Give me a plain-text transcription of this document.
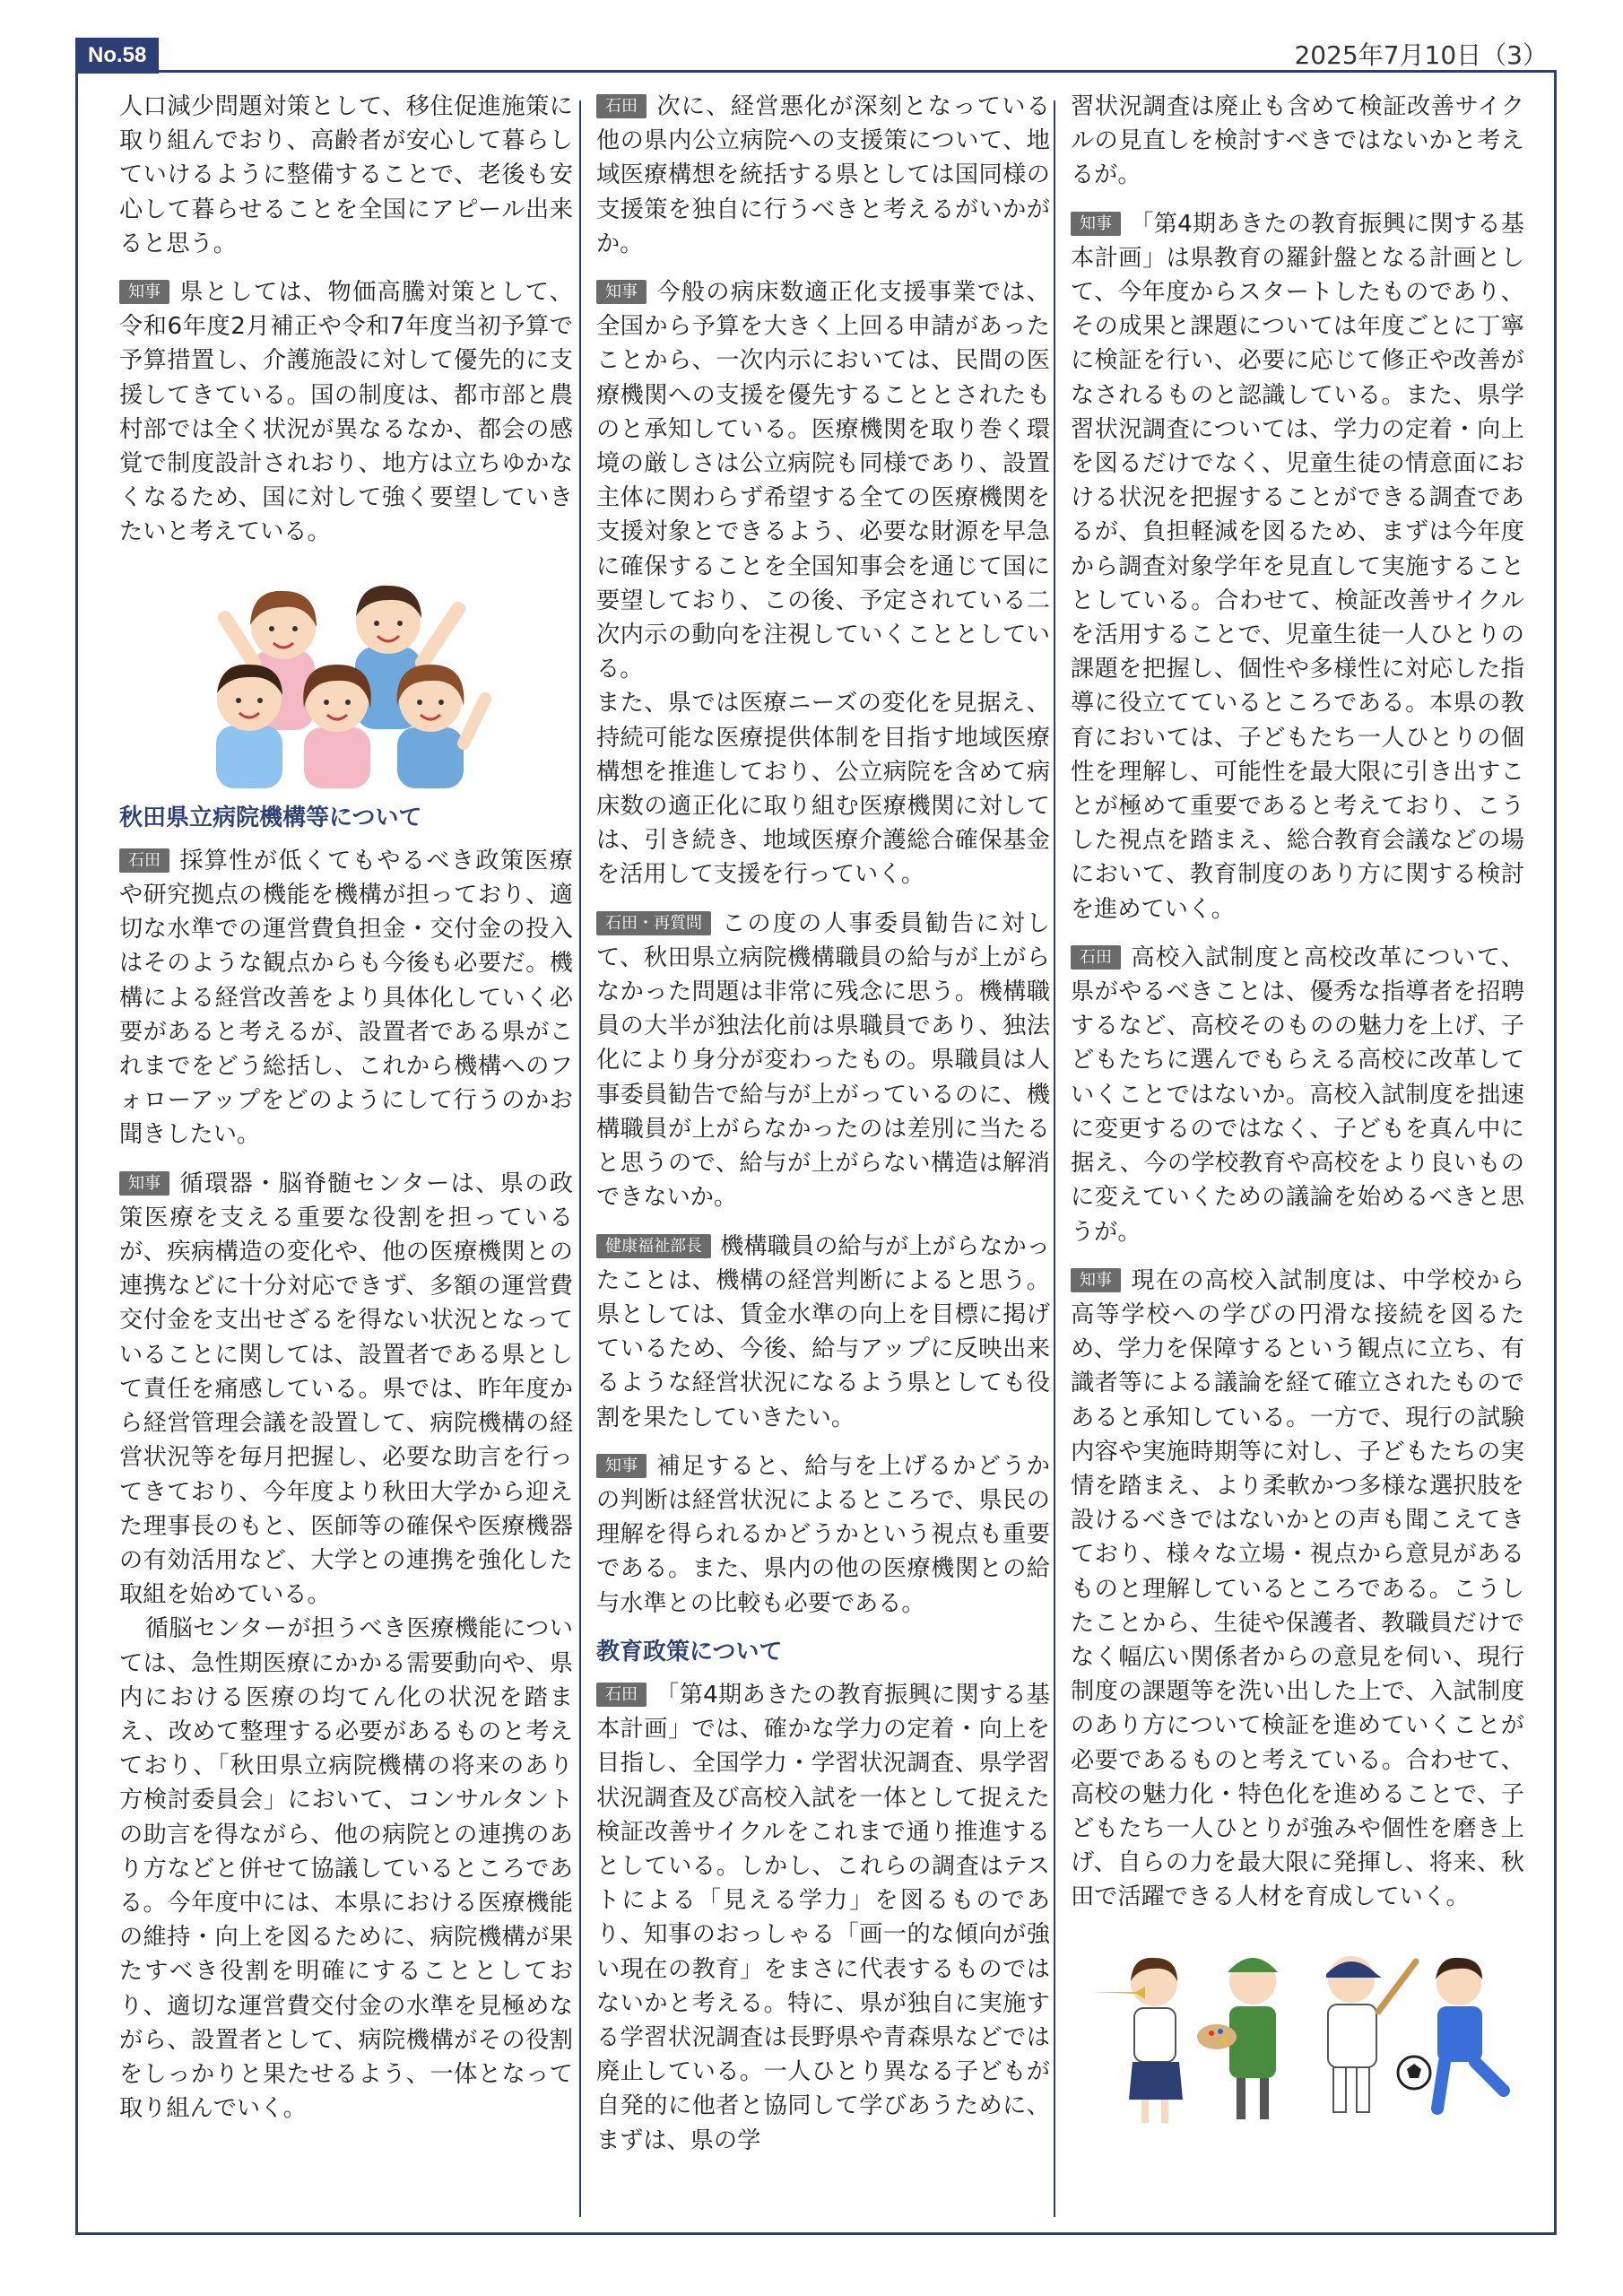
No.58	2025年7月10日（3）

人口減少問題対策として、移住促進施策に取り組んでおり、高齢者が安心して暮らしていけるように整備することで、老後も安心して暮らせることを全国にアピール出来ると思う。

知事 県としては、物価高騰対策として、令和6年度2月補正や令和7年度当初予算で予算措置し、介護施設に対して優先的に支援してきている。国の制度は、都市部と農村部では全く状況が異なるなか、都会の感覚で制度設計されおり、地方は立ちゆかなくなるため、国に対して強く要望していきたいと考えている。

秋田県立病院機構等について

石田 採算性が低くてもやるべき政策医療や研究拠点の機能を機構が担っており、適切な水準での運営費負担金・交付金の投入はそのような観点からも今後も必要だ。機構による経営改善をより具体化していく必要があると考えるが、設置者である県がこれまでをどう総括し、これから機構へのフォローアップをどのようにして行うのかお聞きしたい。

知事 循環器・脳脊髄センターは、県の政策医療を支える重要な役割を担っているが、疾病構造の変化や、他の医療機関との連携などに十分対応できず、多額の運営費交付金を支出せざるを得ない状況となっていることに関しては、設置者である県として責任を痛感している。県では、昨年度から経営管理会議を設置して、病院機構の経営状況等を毎月把握し、必要な助言を行ってきており、今年度より秋田大学から迎えた理事長のもと、医師等の確保や医療機器の有効活用など、大学との連携を強化した取組を始めている。

循脳センターが担うべき医療機能については、急性期医療にかかる需要動向や、県内における医療の均てん化の状況を踏まえ、改めて整理する必要があるものと考えており、「秋田県立病院機構の将来のあり方検討委員会」において、コンサルタントの助言を得ながら、他の病院との連携のあり方などと併せて協議しているところである。今年度中には、本県における医療機能の維持・向上を図るために、病院機構が果たすべき役割を明確にすることとしており、適切な運営費交付金の水準を見極めながら、設置者として、病院機構がその役割をしっかりと果たせるよう、一体となって取り組んでいく。

石田 次に、経営悪化が深刻となっている他の県内公立病院への支援策について、地域医療構想を統括する県としては国同様の支援策を独自に行うべきと考えるがいかがか。

知事 今般の病床数適正化支援事業では、全国から予算を大きく上回る申請があったことから、一次内示においては、民間の医療機関への支援を優先することとされたものと承知している。医療機関を取り巻く環境の厳しさは公立病院も同様であり、設置主体に関わらず希望する全ての医療機関を支援対象とできるよう、必要な財源を早急に確保することを全国知事会を通じて国に要望しており、この後、予定されている二次内示の動向を注視していくこととしている。

また、県では医療ニーズの変化を見据え、持続可能な医療提供体制を目指す地域医療構想を推進しており、公立病院を含めて病床数の適正化に取り組む医療機関に対しては、引き続き、地域医療介護総合確保基金を活用して支援を行っていく。

石田・再質問 この度の人事委員勧告に対して、秋田県立病院機構職員の給与が上がらなかった問題は非常に残念に思う。機構職員の大半が独法化前は県職員であり、独法化により身分が変わったもの。県職員は人事委員勧告で給与が上がっているのに、機構職員が上がらなかったのは差別に当たると思うので、給与が上がらない構造は解消できないか。

健康福祉部長 機構職員の給与が上がらなかったことは、機構の経営判断によると思う。県としては、賃金水準の向上を目標に掲げているため、今後、給与アップに反映出来るような経営状況になるよう県としても役割を果たしていきたい。

知事 補足すると、給与を上げるかどうかの判断は経営状況によるところで、県民の理解を得られるかどうかという視点も重要である。また、県内の他の医療機関との給与水準との比較も必要である。

教育政策について

石田 「第4期あきたの教育振興に関する基本計画」では、確かな学力の定着・向上を目指し、全国学力・学習状況調査、県学習状況調査及び高校入試を一体として捉えた検証改善サイクルをこれまで通り推進するとしている。しかし、これらの調査はテストによる「見える学力」を図るものであり、知事のおっしゃる「画一的な傾向が強い現在の教育」をまさに代表するものではないかと考える。特に、県が独自に実施する学習状況調査は長野県や青森県などでは廃止している。一人ひとり異なる子どもが自発的に他者と協同して学びあうために、まずは、県の学

習状況調査は廃止も含めて検証改善サイクルの見直しを検討すべきではないかと考えるが。

知事 「第4期あきたの教育振興に関する基本計画」は県教育の羅針盤となる計画として、今年度からスタートしたものであり、その成果と課題については年度ごとに丁寧に検証を行い、必要に応じて修正や改善がなされるものと認識している。また、県学習状況調査については、学力の定着・向上を図るだけでなく、児童生徒の情意面における状況を把握することができる調査であるが、負担軽減を図るため、まずは今年度から調査対象学年を見直して実施することとしている。合わせて、検証改善サイクルを活用することで、児童生徒一人ひとりの課題を把握し、個性や多様性に対応した指導に役立てているところである。本県の教育においては、子どもたち一人ひとりの個性を理解し、可能性を最大限に引き出すことが極めて重要であると考えており、こうした視点を踏まえ、総合教育会議などの場において、教育制度のあり方に関する検討を進めていく。

石田 高校入試制度と高校改革について、県がやるべきことは、優秀な指導者を招聘するなど、高校そのものの魅力を上げ、子どもたちに選んでもらえる高校に改革していくことではないか。高校入試制度を拙速に変更するのではなく、子どもを真ん中に据え、今の学校教育や高校をより良いものに変えていくための議論を始めるべきと思うが。

知事 現在の高校入試制度は、中学校から高等学校への学びの円滑な接続を図るため、学力を保障するという観点に立ち、有識者等による議論を経て確立されたものであると承知している。一方で、現行の試験内容や実施時期等に対し、子どもたちの実情を踏まえ、より柔軟かつ多様な選択肢を設けるべきではないかとの声も聞こえてきており、様々な立場・視点から意見があるものと理解しているところである。こうしたことから、生徒や保護者、教職員だけでなく幅広い関係者からの意見を伺い、現行制度の課題等を洗い出した上で、入試制度のあり方について検証を進めていくことが必要であるものと考えている。合わせて、高校の魅力化・特色化を進めることで、子どもたち一人ひとりが強みや個性を磨き上げ、自らの力を最大限に発揮し、将来、秋田で活躍できる人材を育成していく。
